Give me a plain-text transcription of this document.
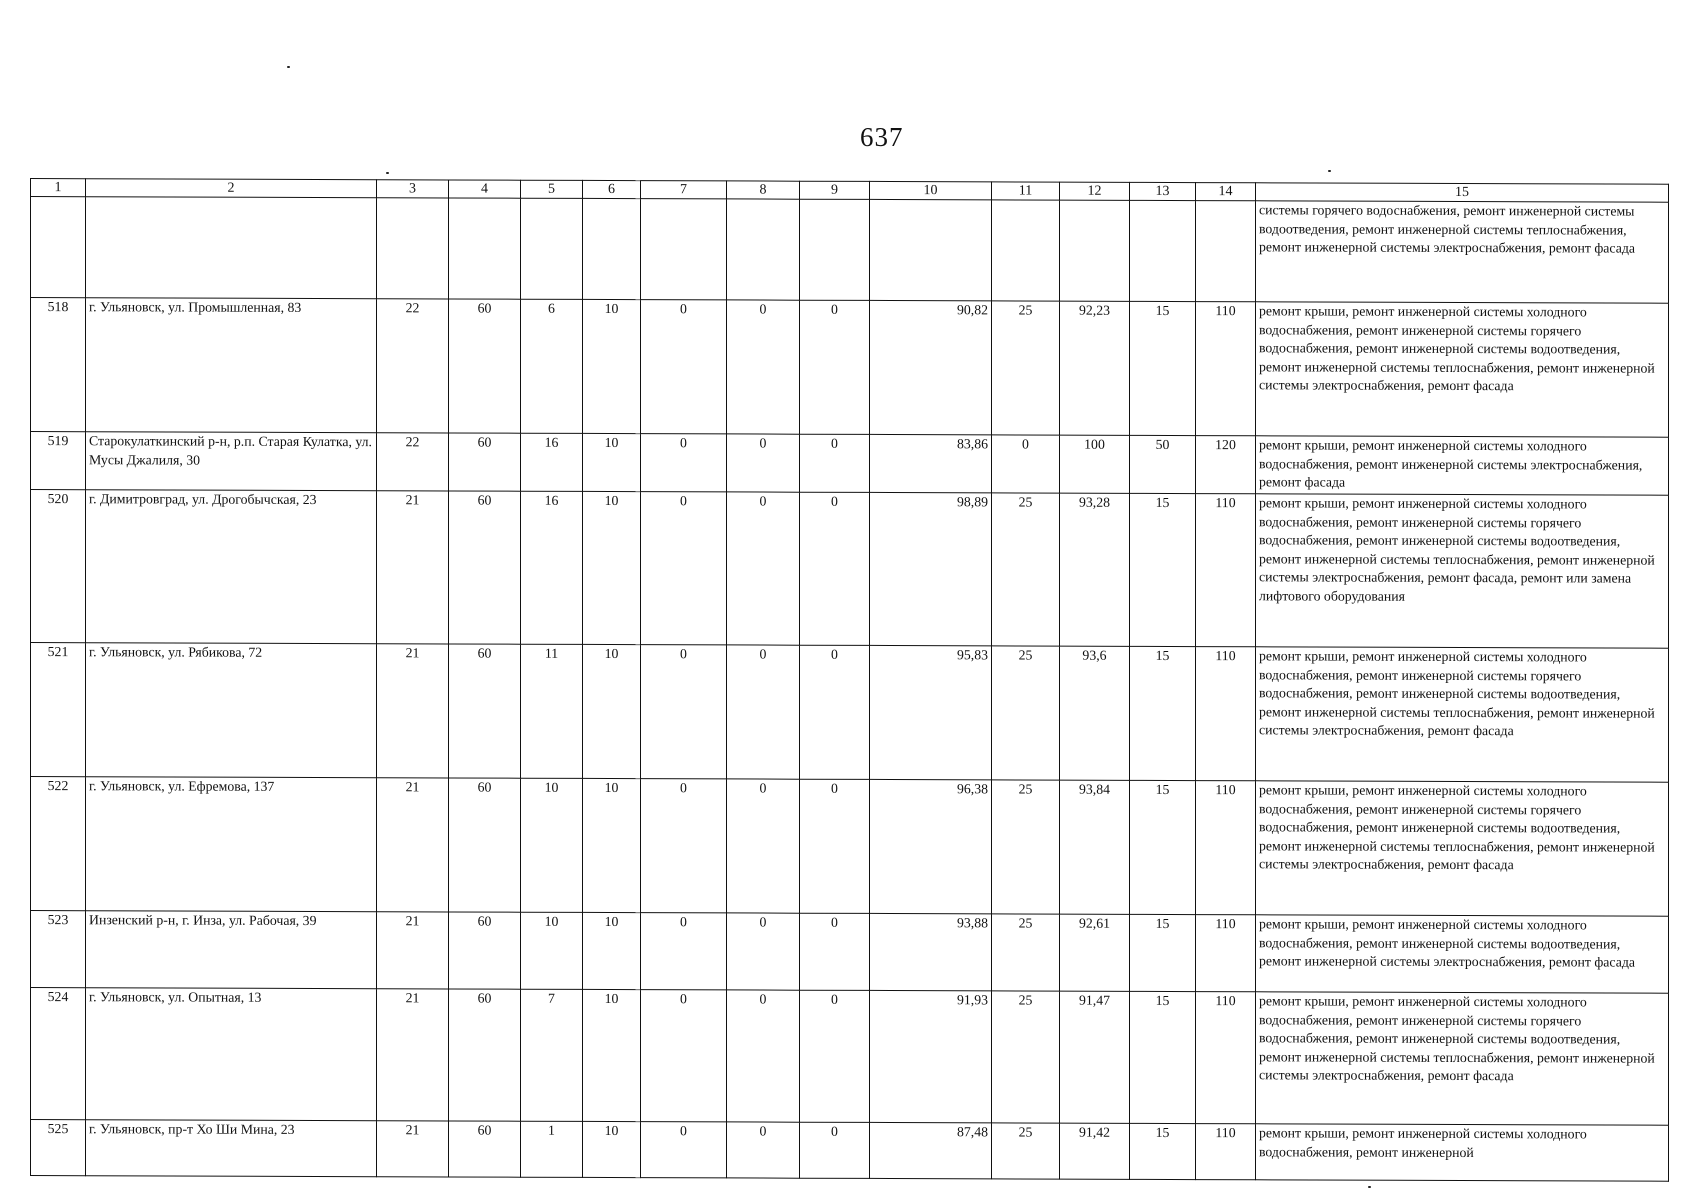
637
1	2	3	4	5	6	7	8	9	10	11	12	13	14	15
														системы горячего водоснабжения, ремонт инженерной системы водоотведения, ремонт инженерной системы теплоснабжения, ремонт инженерной системы электроснабжения, ремонт фасада
518	г. Ульяновск, ул. Промышленная, 83	22	60	6	10	0	0	0	90,82	25	92,23	15	110	ремонт крыши, ремонт инженерной системы холодного водоснабжения, ремонт инженерной системы горячего водоснабжения, ремонт инженерной системы водоотведения, ремонт инженерной системы теплоснабжения, ремонт инженерной системы электроснабжения, ремонт фасада
519	Старокулаткинский р-н, р.п. Старая Кулатка, ул. Мусы Джалиля, 30	22	60	16	10	0	0	0	83,86	0	100	50	120	ремонт крыши, ремонт инженерной системы холодного водоснабжения, ремонт инженерной системы электроснабжения, ремонт фасада
520	г. Димитровград, ул. Дрогобычская, 23	21	60	16	10	0	0	0	98,89	25	93,28	15	110	ремонт крыши, ремонт инженерной системы холодного водоснабжения, ремонт инженерной системы горячего водоснабжения, ремонт инженерной системы водоотведения, ремонт инженерной системы теплоснабжения, ремонт инженерной системы электроснабжения, ремонт фасада, ремонт или замена лифтового оборудования
521	г. Ульяновск, ул. Рябикова, 72	21	60	11	10	0	0	0	95,83	25	93,6	15	110	ремонт крыши, ремонт инженерной системы холодного водоснабжения, ремонт инженерной системы горячего водоснабжения, ремонт инженерной системы водоотведения, ремонт инженерной системы теплоснабжения, ремонт инженерной системы электроснабжения, ремонт фасада
522	г. Ульяновск, ул. Ефремова, 137	21	60	10	10	0	0	0	96,38	25	93,84	15	110	ремонт крыши, ремонт инженерной системы холодного водоснабжения, ремонт инженерной системы горячего водоснабжения, ремонт инженерной системы водоотведения, ремонт инженерной системы теплоснабжения, ремонт инженерной системы электроснабжения, ремонт фасада
523	Инзенский р-н, г. Инза, ул. Рабочая, 39	21	60	10	10	0	0	0	93,88	25	92,61	15	110	ремонт крыши, ремонт инженерной системы холодного водоснабжения, ремонт инженерной системы водоотведения, ремонт инженерной системы электроснабжения, ремонт фасада
524	г. Ульяновск, ул. Опытная, 13	21	60	7	10	0	0	0	91,93	25	91,47	15	110	ремонт крыши, ремонт инженерной системы холодного водоснабжения, ремонт инженерной системы горячего водоснабжения, ремонт инженерной системы водоотведения, ремонт инженерной системы теплоснабжения, ремонт инженерной системы электроснабжения, ремонт фасада
525	г. Ульяновск, пр-т Хо Ши Мина, 23	21	60	1	10	0	0	0	87,48	25	91,42	15	110	ремонт крыши, ремонт инженерной системы холодного водоснабжения, ремонт инженерной
